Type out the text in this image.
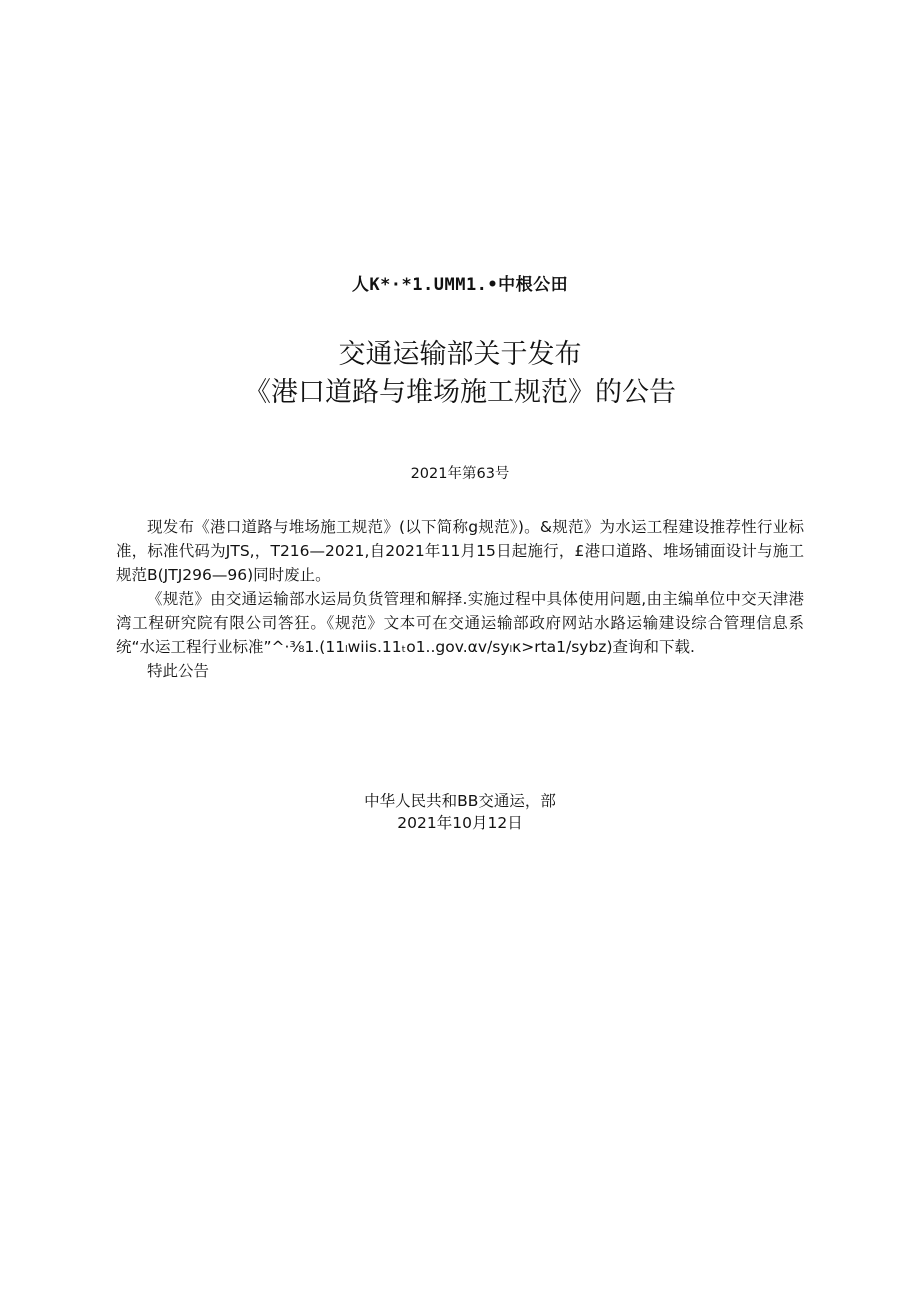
人K*·*1.UMM1.•中根公田
交通运输部关于发布
《港口道路与堆场施工规范》的公告
2021年第63号

现发布《港口道路与堆场施工规范》(以下简称g规范》)。&规范》为水运工程建设推荐性行业标准，标准代码为JTS,，T216—2021,自2021年11月15日起施行，£港口道路、堆场铺面设计与施工规范B(JTJ296—96)同时废止。

《规范》由交通运输部水运局负货管理和解择.实施过程中具体使用问题,由主编单位中交天津港湾工程研究院有限公司答狂。《规范》文本可在交通运输部政府网站水路运输建设综合管理信息系统“水运工程行业标准”^·⅜1.(11ₗwiis.11ₜo1..gov.αv∕syₗκ>rta1∕sybz)查询和下载.

特此公告

中华人民共和BB交通运，部
2021年10月12日
